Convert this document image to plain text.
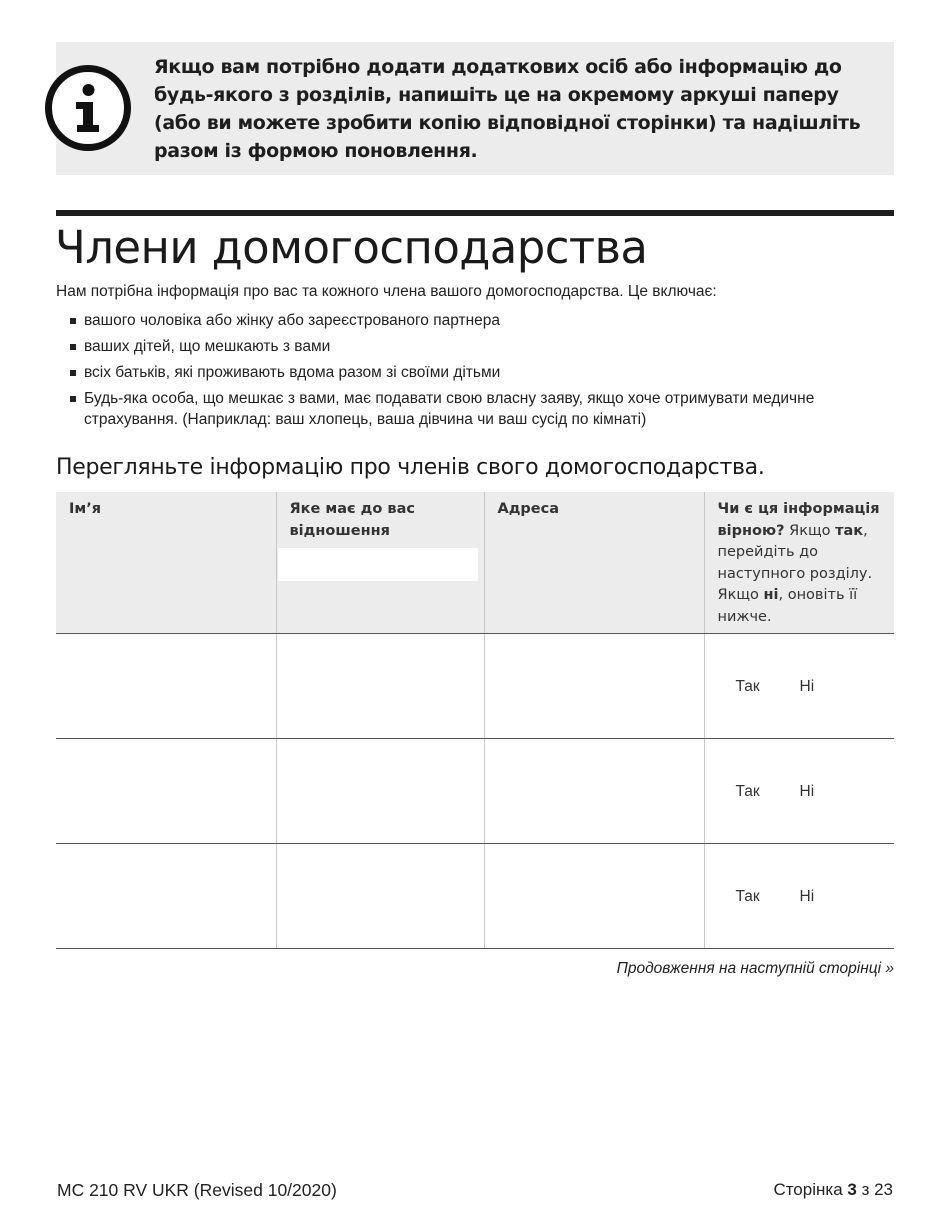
Якщо вам потрібно додати додаткових осіб або інформацію до будь-якого з розділів, напишіть це на окремому аркуші паперу (або ви можете зробити копію відповідної сторінки) та надішліть разом із формою поновлення.
Члени домогосподарства
Нам потрібна інформація про вас та кожного члена вашого домогосподарства. Це включає:
вашого чоловіка або жінку або зареєстрованого партнера
ваших дітей, що мешкають з вами
всіх батьків, які проживають вдома разом зі своїми дітьми
Будь-яка особа, що мешкає з вами, має подавати свою власну заяву, якщо хоче отримувати медичне страхування. (Наприклад: ваш хлопець, ваша дівчина чи ваш сусід по кімнаті)
Перегляньте інформацію про членів свого домогосподарства.
Ім’я	Яке має до вас відношення	Адреса	Чи є ця інформація вірною? Якщо так, перейдіть до наступного розділу. Якщо ні, оновіть її нижче.

			Так Ні

			Так Ні

			Так Ні
Продовження на наступній сторінці »
MC 210 RV UKR (Revised 10/2020)	Сторінка 3 з 23
